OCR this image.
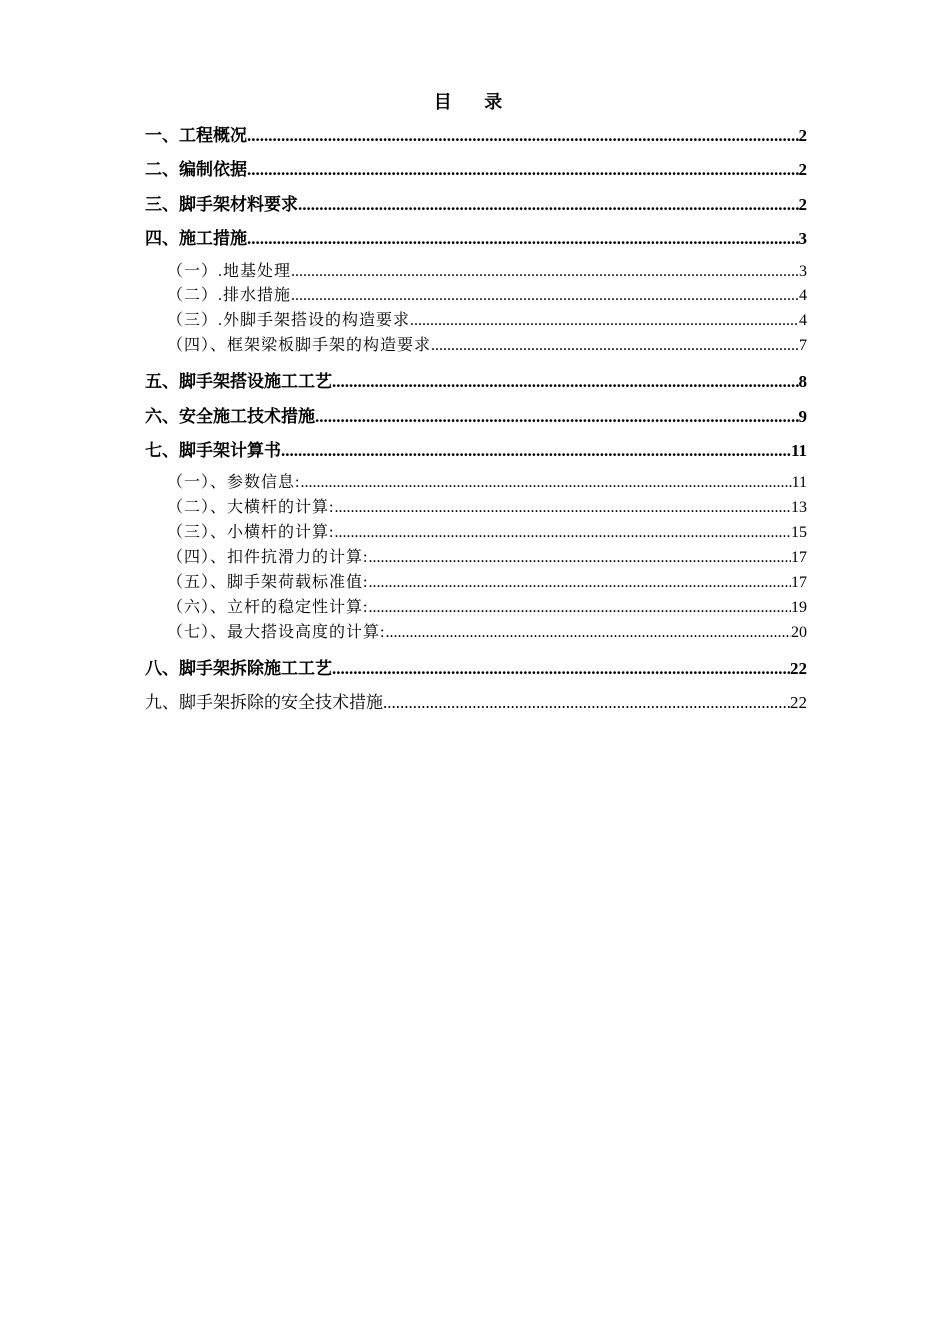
目 录
一、工程概况 .....	2
二、编制依据 .....	2
三、脚手架材料要求 .....	2
四、施工措施 .....	3
（一）.地基处理 .....	3
（二）.排水措施 .....	4
（三）.外脚手架搭设的构造要求 .....	4
（四）、框架梁板脚手架的构造要求 .....	7
五、脚手架搭设施工工艺 .....	8
六、安全施工技术措施 .....	9
七、脚手架计算书 .....	11
（一）、参数信息: .....	11
（二）、大横杆的计算: .....	13
（三）、小横杆的计算: .....	15
（四）、扣件抗滑力的计算: .....	17
（五）、脚手架荷载标准值: .....	17
（六）、立杆的稳定性计算: .....	19
（七）、最大搭设高度的计算: .....	20
八、脚手架拆除施工工艺 .....	22
九、脚手架拆除的安全技术措施 .....	22
